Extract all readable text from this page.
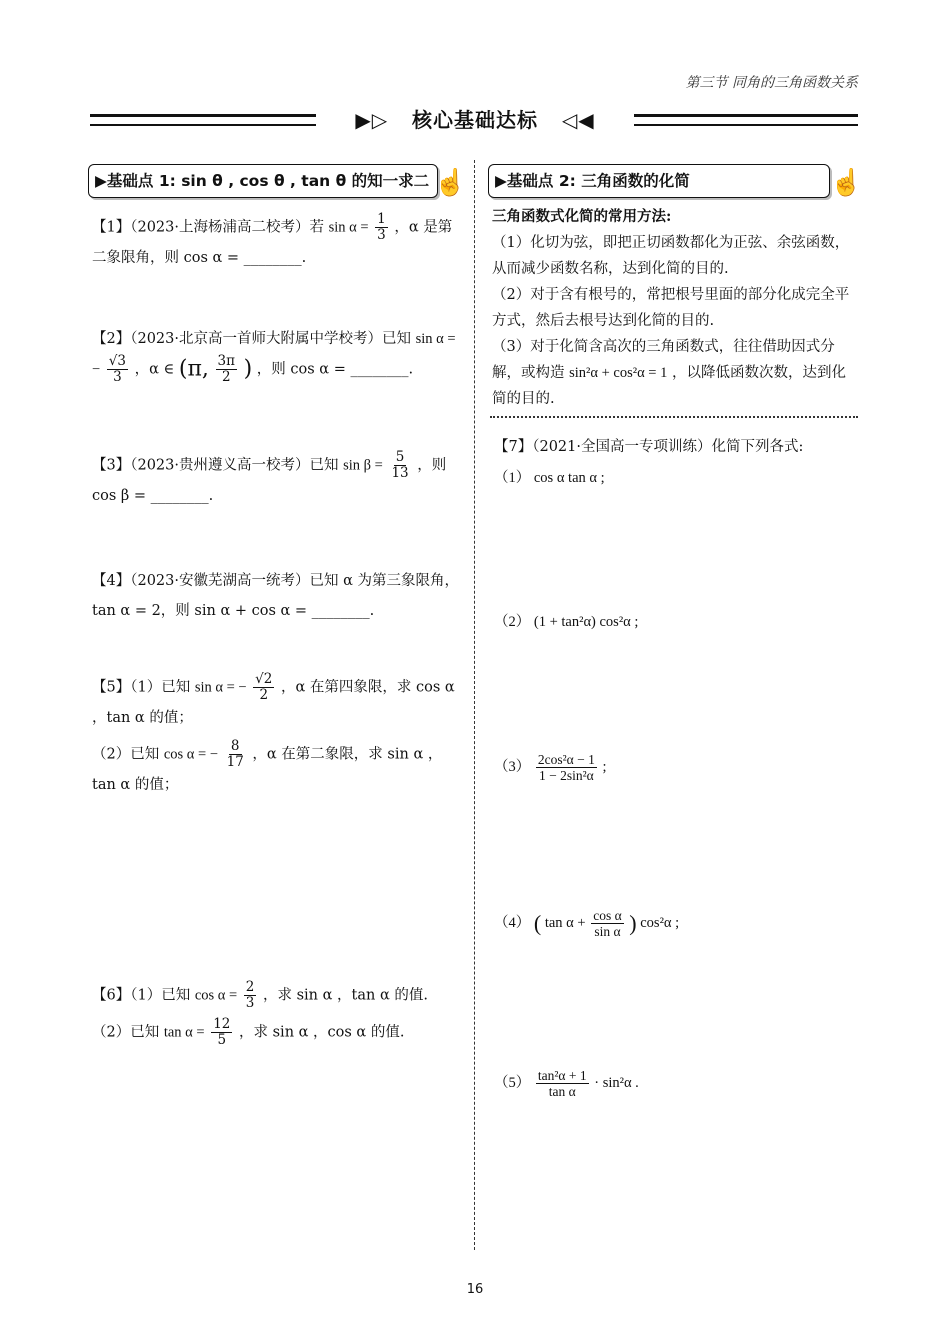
第三节 同角的三角函数关系
▶▷ 核心基础达标 ◁◀
▶基础点 1: sin θ , cos θ , tan θ 的知一求二 ☝
【1】（2023·上海杨浦高二校考）若 $\sin \alpha = \frac{1}{3}$ ，α 是第二象限角，则 cos α = ________.
【2】（2023·北京高一首师大附属中学校考）已知 sin α = − $\frac{√3}{3}$ ，α ∈ (π, $\frac{3\pi}{2}$ ) ，则 cos α = ________.
【3】（2023·贵州遵义高一校考）已知 $\sin \beta = \frac{5}{13}$ ，则 cos β = ________.
【4】（2023·安徽芜湖高一统考）已知 α 为第三象限角，tan α = 2，则 sin α + cos α = ________.
【5】（1）已知 sin α = − $\frac{√2}{2}$ ，α 在第四象限，求 cos α ，tan α 的值；
（2）已知 cos α = − $\frac{8}{17}$ ，α 在第二象限，求 sin α ，tan α 的值；
【6】（1）已知 $\cos \alpha = \frac{2}{3}$ ，求 sin α ，tan α 的值.
（2）已知 $\tan \alpha = \frac{12}{5}$ ，求 sin α ，cos α 的值.
▶基础点 2: 三角函数的化简	☝
三角函数式化简的常用方法:
（1）化切为弦，即把正切函数都化为正弦、余弦函数，从而减少函数名称，达到化简的目的.
（2）对于含有根号的，常把根号里面的部分化成完全平方式，然后去根号达到化简的目的.
（3）对于化简含高次的三角函数式，往往借助因式分解，或构造 sin²α + cos²α = 1 ，以降低函数次数，达到化简的目的.
【7】（2021·全国高一专项训练）化简下列各式:
（1） cos α tan α ;
（2） (1 + tan²α) cos²α ;
$(3) \frac{\text{2cos²α − 1}}{\text{1 − 2sin²α}}$ ;
（4） ( $\tan \alpha + \frac{\text{cos α}}{\text{sin α}}$ ) cos²α ;
$(5) \frac{\text{tan²α + 1}}{\text{tan α}} \cdot \sin^2\alpha$ .
16
